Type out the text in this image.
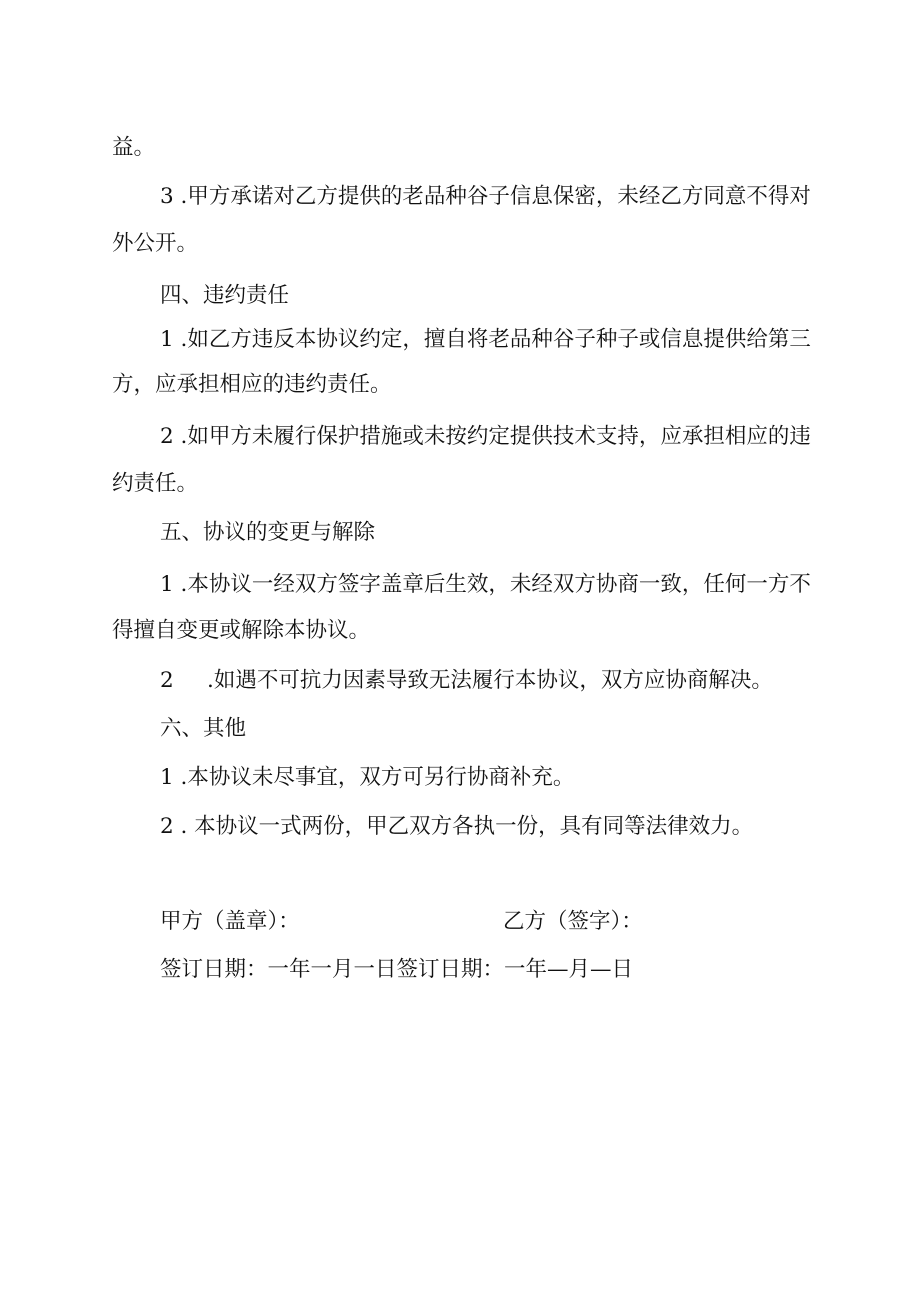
益。
3 .甲方承诺对乙方提供的老品种谷子信息保密，未经乙方同意不得对
外公开。
四、违约责任
1 .如乙方违反本协议约定，擅自将老品种谷子种子或信息提供给第三
方，应承担相应的违约责任。
2 .如甲方未履行保护措施或未按约定提供技术支持，应承担相应的违
约责任。
五、协议的变更与解除
1 .本协议一经双方签字盖章后生效，未经双方协商一致，任何一方不
得擅自变更或解除本协议。
2 .如遇不可抗力因素导致无法履行本协议，双方应协商解决。
六、其他
1 .本协议未尽事宜，双方可另行协商补充。
2 . 本协议一式两份，甲乙双方各执一份，具有同等法律效力。
甲方（盖章）：	乙方（签字）：
签订日期：一年一月一日签订日期：一年—月—日
